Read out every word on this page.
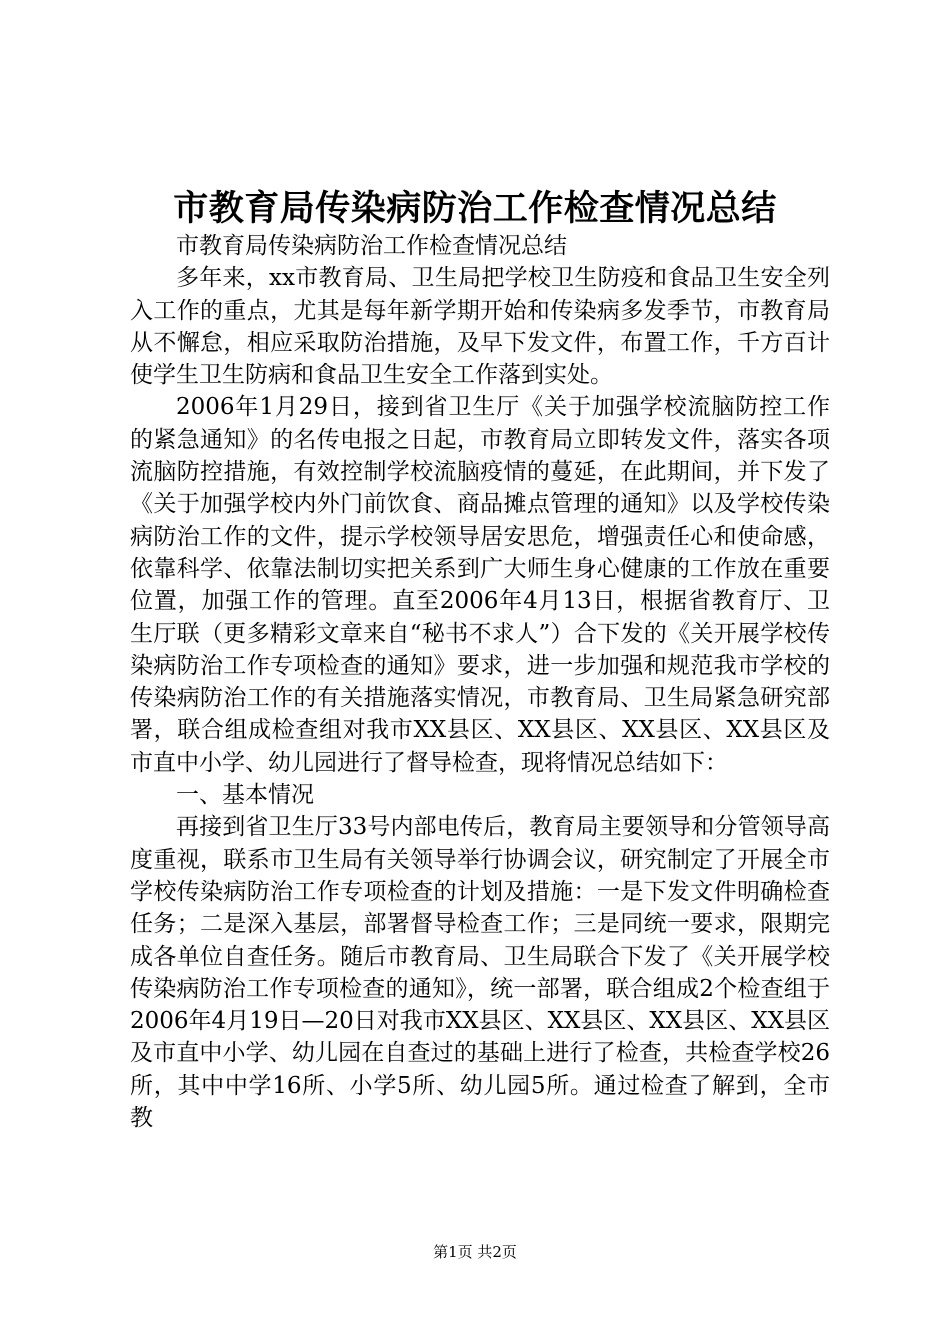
市教育局传染病防治工作检查情况总结

市教育局传染病防治工作检查情况总结

多年来，xx市教育局、卫生局把学校卫生防疫和食品卫生安全列入工作的重点，尤其是每年新学期开始和传染病多发季节，市教育局从不懈怠，相应采取防治措施，及早下发文件，布置工作，千方百计使学生卫生防病和食品卫生安全工作落到实处。

2006年1月29日，接到省卫生厅《关于加强学校流脑防控工作的紧急通知》的名传电报之日起，市教育局立即转发文件，落实各项流脑防控措施，有效控制学校流脑疫情的蔓延，在此期间，并下发了《关于加强学校内外门前饮食、商品摊点管理的通知》以及学校传染病防治工作的文件，提示学校领导居安思危，增强责任心和使命感，依靠科学、依靠法制切实把关系到广大师生身心健康的工作放在重要位置，加强工作的管理。直至2006年4月13日，根据省教育厅、卫生厅联（更多精彩文章来自“秘书不求人”）合下发的《关开展学校传染病防治工作专项检查的通知》要求，进一步加强和规范我市学校的传染病防治工作的有关措施落实情况，市教育局、卫生局紧急研究部署，联合组成检查组对我市XX县区、XX县区、XX县区、XX县区及市直中小学、幼儿园进行了督导检查，现将情况总结如下：

一、基本情况

再接到省卫生厅33号内部电传后，教育局主要领导和分管领导高度重视，联系市卫生局有关领导举行协调会议，研究制定了开展全市学校传染病防治工作专项检查的计划及措施：一是下发文件明确检查任务；二是深入基层，部署督导检查工作；三是同统一要求，限期完成各单位自查任务。随后市教育局、卫生局联合下发了《关开展学校传染病防治工作专项检查的通知》，统一部署，联合组成2个检查组于2006年4月19日—20日对我市XX县区、XX县区、XX县区、XX县区及市直中小学、幼儿园在自查过的基础上进行了检查，共检查学校26所，其中中学16所、小学5所、幼儿园5所。通过检查了解到，全市教

第1页 共2页
